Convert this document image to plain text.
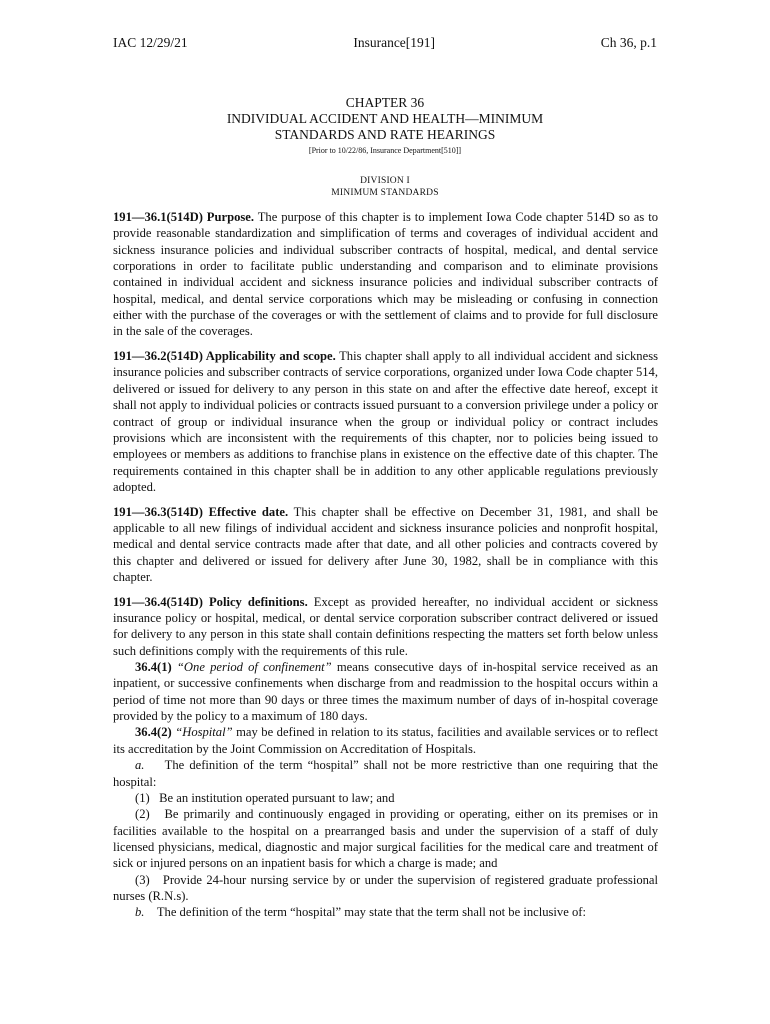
IAC 12/29/21	Insurance[191]	Ch 36, p.1
CHAPTER 36
INDIVIDUAL ACCIDENT AND HEALTH—MINIMUM
STANDARDS AND RATE HEARINGS
[Prior to 10/22/86, Insurance Department[510]]
DIVISION I
MINIMUM STANDARDS

191—36.1(514D) Purpose. The purpose of this chapter is to implement Iowa Code chapter 514D so as to provide reasonable standardization and simplification of terms and coverages of individual accident and sickness insurance policies and individual subscriber contracts of hospital, medical, and dental service corporations in order to facilitate public understanding and comparison and to eliminate provisions contained in individual accident and sickness insurance policies and individual subscriber contracts of hospital, medical, and dental service corporations which may be misleading or confusing in connection either with the purchase of the coverages or with the settlement of claims and to provide for full disclosure in the sale of the coverages.

191—36.2(514D) Applicability and scope. This chapter shall apply to all individual accident and sickness insurance policies and subscriber contracts of service corporations, organized under Iowa Code chapter 514, delivered or issued for delivery to any person in this state on and after the effective date hereof, except it shall not apply to individual policies or contracts issued pursuant to a conversion privilege under a policy or contract of group or individual insurance when the group or individual policy or contract includes provisions which are inconsistent with the requirements of this chapter, nor to policies being issued to employees or members as additions to franchise plans in existence on the effective date of this chapter. The requirements contained in this chapter shall be in addition to any other applicable regulations previously adopted.

191—36.3(514D) Effective date. This chapter shall be effective on December 31, 1981, and shall be applicable to all new filings of individual accident and sickness insurance policies and nonprofit hospital, medical and dental service contracts made after that date, and all other policies and contracts covered by this chapter and delivered or issued for delivery after June 30, 1982, shall be in compliance with this chapter.

191—36.4(514D) Policy definitions. Except as provided hereafter, no individual accident or sickness insurance policy or hospital, medical, or dental service corporation subscriber contract delivered or issued for delivery to any person in this state shall contain definitions respecting the matters set forth below unless such definitions comply with the requirements of this rule.

36.4(1) “One period of confinement” means consecutive days of in-hospital service received as an inpatient, or successive confinements when discharge from and readmission to the hospital occurs within a period of time not more than 90 days or three times the maximum number of days of in-hospital coverage provided by the policy to a maximum of 180 days.

36.4(2) “Hospital” may be defined in relation to its status, facilities and available services or to reflect its accreditation by the Joint Commission on Accreditation of Hospitals.

a. The definition of the term “hospital” shall not be more restrictive than one requiring that the hospital:

(1) Be an institution operated pursuant to law; and

(2) Be primarily and continuously engaged in providing or operating, either on its premises or in facilities available to the hospital on a prearranged basis and under the supervision of a staff of duly licensed physicians, medical, diagnostic and major surgical facilities for the medical care and treatment of sick or injured persons on an inpatient basis for which a charge is made; and

(3) Provide 24-hour nursing service by or under the supervision of registered graduate professional nurses (R.N.s).

b. The definition of the term “hospital” may state that the term shall not be inclusive of:
